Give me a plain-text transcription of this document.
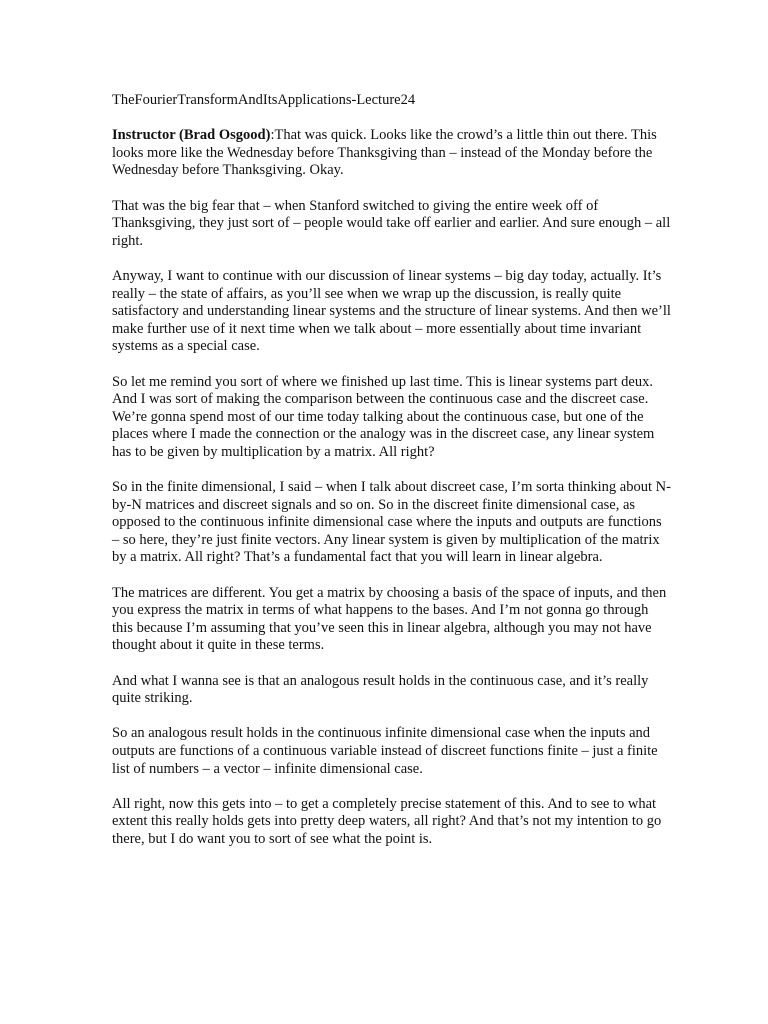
TheFourierTransformAndItsApplications-Lecture24

Instructor (Brad Osgood):That was quick. Looks like the crowd’s a little thin out there. This looks more like the Wednesday before Thanksgiving than – instead of the Monday before the Wednesday before Thanksgiving. Okay.

That was the big fear that – when Stanford switched to giving the entire week off of Thanksgiving, they just sort of – people would take off earlier and earlier. And sure enough – all right.

Anyway, I want to continue with our discussion of linear systems – big day today, actually. It’s really – the state of affairs, as you’ll see when we wrap up the discussion, is really quite satisfactory and understanding linear systems and the structure of linear systems. And then we’ll make further use of it next time when we talk about – more essentially about time invariant systems as a special case.

So let me remind you sort of where we finished up last time. This is linear systems part deux. And I was sort of making the comparison between the continuous case and the discreet case. We’re gonna spend most of our time today talking about the continuous case, but one of the places where I made the connection or the analogy was in the discreet case, any linear system has to be given by multiplication by a matrix. All right?

So in the finite dimensional, I said – when I talk about discreet case, I’m sorta thinking about N-by-N matrices and discreet signals and so on. So in the discreet finite dimensional case, as opposed to the continuous infinite dimensional case where the inputs and outputs are functions – so here, they’re just finite vectors. Any linear system is given by multiplication of the matrix by a matrix. All right? That’s a fundamental fact that you will learn in linear algebra.

The matrices are different. You get a matrix by choosing a basis of the space of inputs, and then you express the matrix in terms of what happens to the bases. And I’m not gonna go through this because I’m assuming that you’ve seen this in linear algebra, although you may not have thought about it quite in these terms.

And what I wanna see is that an analogous result holds in the continuous case, and it’s really quite striking.

So an analogous result holds in the continuous infinite dimensional case when the inputs and outputs are functions of a continuous variable instead of discreet functions finite – just a finite list of numbers – a vector – infinite dimensional case.

All right, now this gets into – to get a completely precise statement of this. And to see to what extent this really holds gets into pretty deep waters, all right? And that’s not my intention to go there, but I do want you to sort of see what the point is.
